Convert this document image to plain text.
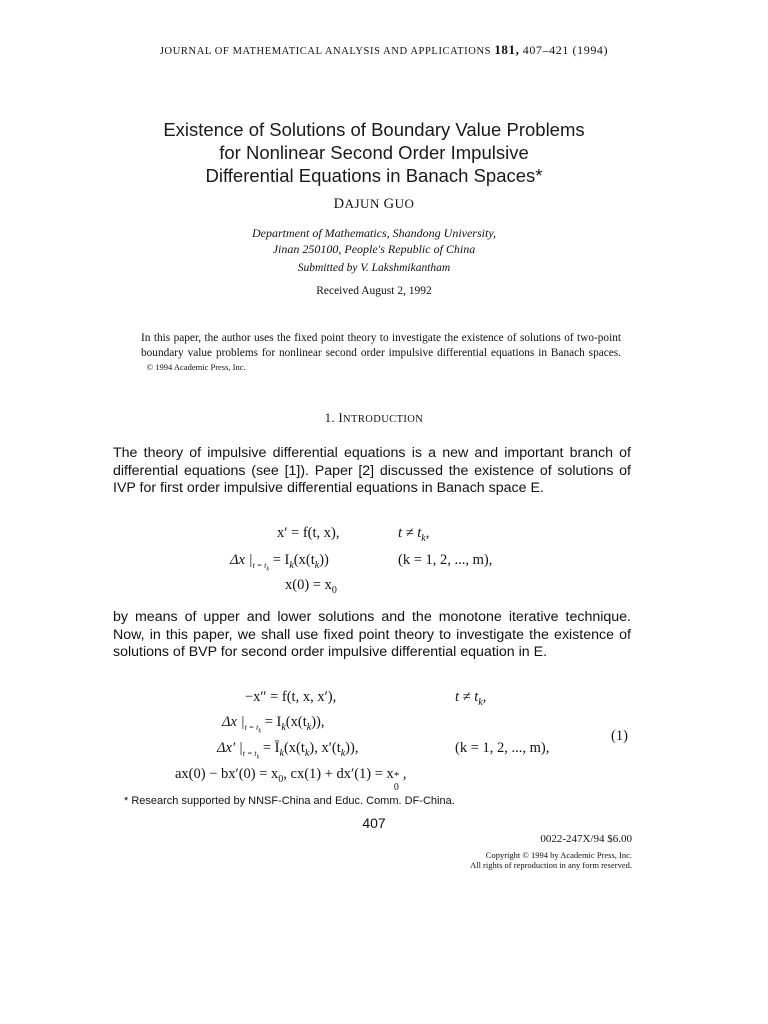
JOURNAL OF MATHEMATICAL ANALYSIS AND APPLICATIONS 181, 407–421 (1994)
Existence of Solutions of Boundary Value Problems
for Nonlinear Second Order Impulsive
Differential Equations in Banach Spaces*
DAJUN GUO
Department of Mathematics, Shandong University,
Jinan 250100, People's Republic of China
Submitted by V. Lakshmikantham
Received August 2, 1992
In this paper, the author uses the fixed point theory to investigate the existence of solutions of two-point boundary value problems for nonlinear second order impulsive differential equations in Banach spaces.   © 1994 Academic Press, Inc.
1. INTRODUCTION
The theory of impulsive differential equations is a new and important branch of differential equations (see [1]). Paper [2] discussed the existence of solutions of IVP for first order impulsive differential equations in Banach space E.
x′ = f(t, x),	$t \ne t_k$,
Δx $|_{t = t_k} = I_k(x(t_k))$	(k = 1, 2, ..., m),
$x(0) = x_0$
by means of upper and lower solutions and the monotone iterative technique. Now, in this paper, we shall use fixed point theory to investigate the existence of solutions of BVP for second order impulsive differential equation in E.
−x″ = f(t, x, x′),	$t \ne t_k$,
Δx $|_{t = t_k} = I_k(x(t_k))$,
Δx′ $|_{t = t_k}$ = $Ī_k(x(t_k)$, $x'(t_k)$),	(k = 1, 2, ..., m),
$ax(0) - bx'(0) = x_0$, cx(1) + dx′(1) = x *
0
,
(1)
* Research supported by NNSF-China and Educ. Comm. DF-China.
407
0022-247X/94 $6.00
Copyright © 1994 by Academic Press, Inc.
All rights of reproduction in any form reserved.
